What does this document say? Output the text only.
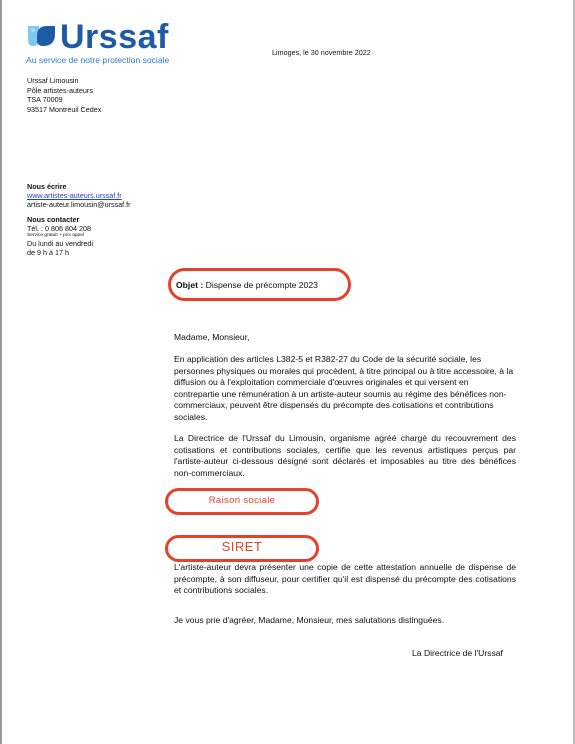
Urssaf
Au service de notre protection sociale
Limoges, le 30 novembre 2022
Urssaf Limousin
Pôle artistes-auteurs
TSA 70009
93517 Montreuil Cedex
Nous écrire
www.artistes-auteurs.urssaf.fr
artiste-auteur.limousin@urssaf.fr
Nous contacter
Tél. : 0 806 804 208
Service gratuit + prix appel
Du lundi au vendredi
de 9 h à 17 h
Objet : Dispense de précompte 2023
Madame, Monsieur,
En application des articles L382-5 et R382-27 du Code de la sécurité sociale, les personnes physiques ou morales qui procèdent, à titre principal ou à titre accessoire, à la diffusion ou à l'exploitation commerciale d'œuvres originales et qui versent en contrepartie une rémunération à un artiste-auteur soumis au régime des bénéfices non-commerciaux, peuvent être dispensés du précompte des cotisations et contributions sociales.
La Directrice de l'Urssaf du Limousin, organisme agréé chargé du recouvrement des cotisations et contributions sociales, certifie que les revenus artistiques perçus par l'artiste-auteur ci-dessous désigné sont déclarés et imposables au titre des bénéfices non-commerciaux.
Raison sociale
SIRET
L'artiste-auteur devra présenter une copie de cette attestation annuelle de dispense de précompte, à son diffuseur, pour certifier qu'il est dispensé du précompte des cotisations et contributions sociales.
Je vous prie d'agréer, Madame, Monsieur, mes salutations distinguées.
La Directrice de l'Urssaf
